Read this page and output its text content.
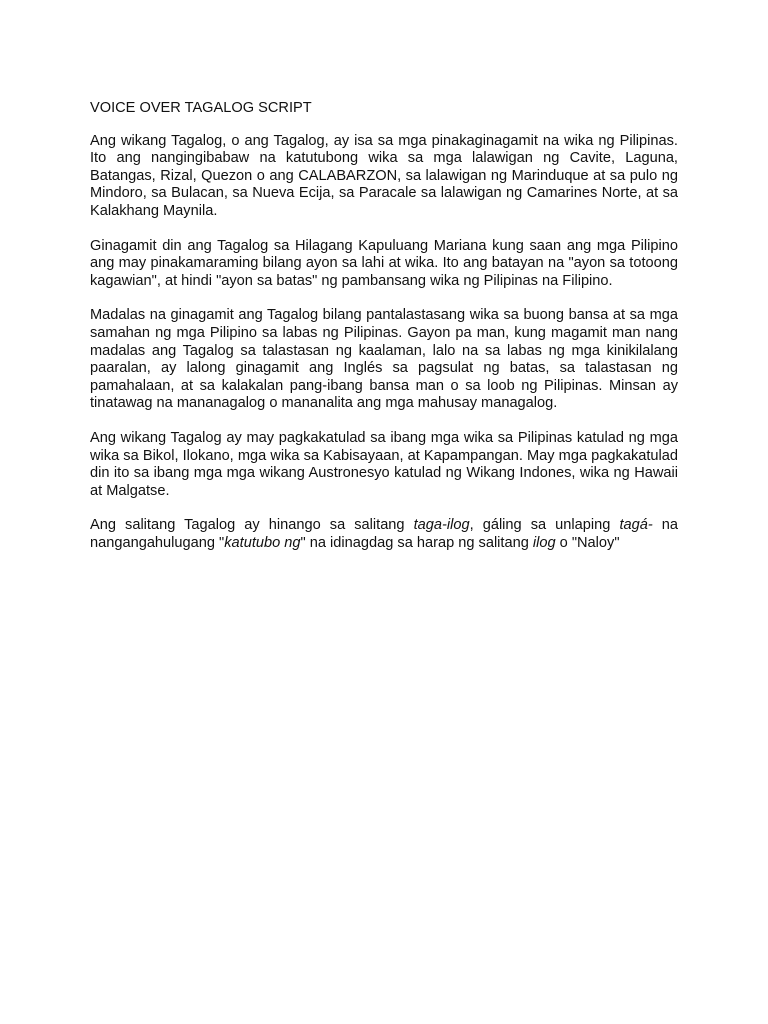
VOICE OVER TAGALOG SCRIPT

Ang wikang Tagalog, o ang Tagalog, ay isa sa mga pinakaginagamit na wika ng Pilipinas. Ito ang nangingibabaw na katutubong wika sa mga lalawigan ng Cavite, Laguna, Batangas, Rizal, Quezon o ang CALABARZON, sa lalawigan ng Marinduque at sa pulo ng Mindoro, sa Bulacan, sa Nueva Ecija, sa Paracale sa lalawigan ng Camarines Norte, at sa Kalakhang Maynila.

Ginagamit din ang Tagalog sa Hilagang Kapuluang Mariana kung saan ang mga Pilipino ang may pinakamaraming bilang ayon sa lahi at wika. Ito ang batayan na "ayon sa totoong kagawian", at hindi "ayon sa batas" ng pambansang wika ng Pilipinas na Filipino.

Madalas na ginagamit ang Tagalog bilang pantalastasang wika sa buong bansa at sa mga samahan ng mga Pilipino sa labas ng Pilipinas. Gayon pa man, kung magamit man nang madalas ang Tagalog sa talastasan ng kaalaman, lalo na sa labas ng mga kinikilalang paaralan, ay lalong ginagamit ang Inglés sa pagsulat ng batas, sa talastasan ng pamahalaan, at sa kalakalan pang-ibang bansa man o sa loob ng Pilipinas. Minsan ay tinatawag na mananagalog o mananalita ang mga mahusay managalog.

Ang wikang Tagalog ay may pagkakatulad sa ibang mga wika sa Pilipinas katulad ng mga wika sa Bikol, Ilokano, mga wika sa Kabisayaan, at Kapampangan. May mga pagkakatulad din ito sa ibang mga mga wikang Austronesyo katulad ng Wikang Indones, wika ng Hawaii at Malgatse.

Ang salitang Tagalog ay hinango sa salitang taga-ilog, gáling sa unlaping tagá- na nangangahulugang "katutubo ng" na idinagdag sa harap ng salitang ilog o "Naloy"
